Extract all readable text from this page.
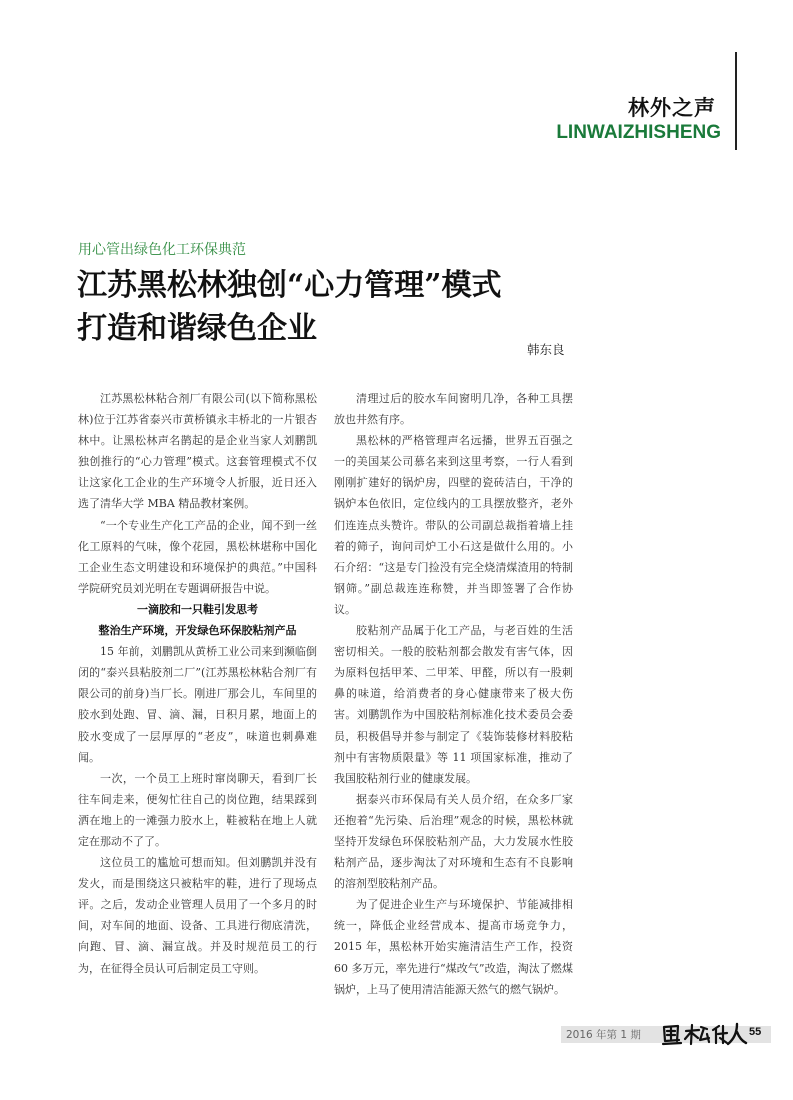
林外之声
LINWAIZHISHENG
用心管出绿色化工环保典范
江苏黑松林独创“心力管理”模式
打造和谐绿色企业
韩东良

江苏黑松林粘合剂厂有限公司(以下简称黑松林)位于江苏省泰兴市黄桥镇永丰桥北的一片银杏林中。让黑松林声名鹊起的是企业当家人刘鹏凯独创推行的“心力管理”模式。这套管理模式不仅让这家化工企业的生产环境令人折服，近日还入选了清华大学 MBA 精品教材案例。

“一个专业生产化工产品的企业，闻不到一丝化工原料的气味，像个花园，黑松林堪称中国化工企业生态文明建设和环境保护的典范。”中国科学院研究员刘光明在专题调研报告中说。

一滴胶和一只鞋引发思考
整治生产环境，开发绿色环保胶粘剂产品

15 年前，刘鹏凯从黄桥工业公司来到濒临倒闭的“泰兴县粘胶剂二厂”(江苏黑松林粘合剂厂有限公司的前身)当厂长。刚进厂那会儿，车间里的胶水到处跑、冒、滴、漏，日积月累，地面上的胶水变成了一层厚厚的“老皮”，味道也刺鼻难闻。

一次，一个员工上班时窜岗聊天，看到厂长往车间走来，便匆忙往自己的岗位跑，结果踩到洒在地上的一滩强力胶水上，鞋被粘在地上人就定在那动不了了。

这位员工的尴尬可想而知。但刘鹏凯并没有发火，而是围绕这只被粘牢的鞋，进行了现场点评。之后，发动企业管理人员用了一个多月的时间，对车间的地面、设备、工具进行彻底清洗，向跑、冒、滴、漏宣战。并及时规范员工的行为，在征得全员认可后制定员工守则。

清理过后的胶水车间窗明几净，各种工具摆放也井然有序。

黑松林的严格管理声名远播，世界五百强之一的美国某公司慕名来到这里考察，一行人看到刚刚扩建好的锅炉房，四壁的瓷砖洁白，干净的锅炉本色依旧，定位线内的工具摆放整齐，老外们连连点头赞许。带队的公司副总裁指着墙上挂着的筛子，询问司炉工小石这是做什么用的。小石介绍：“这是专门捡没有完全烧清煤渣用的特制钢筛。”副总裁连连称赞，并当即签署了合作协议。

胶粘剂产品属于化工产品，与老百姓的生活密切相关。一般的胶粘剂都会散发有害气体，因为原料包括甲苯、二甲苯、甲醛，所以有一股刺鼻的味道，给消费者的身心健康带来了极大伤害。刘鹏凯作为中国胶粘剂标准化技术委员会委员，积极倡导并参与制定了《装饰装修材料胶粘剂中有害物质限量》等 11 项国家标准，推动了我国胶粘剂行业的健康发展。

据泰兴市环保局有关人员介绍，在众多厂家还抱着“先污染、后治理”观念的时候，黑松林就坚持开发绿色环保胶粘剂产品，大力发展水性胶粘剂产品，逐步淘汰了对环境和生态有不良影响的溶剂型胶粘剂产品。

为了促进企业生产与环境保护、节能减排相统一，降低企业经营成本、提高市场竞争力，2015 年，黑松林开始实施清洁生产工作，投资 60 多万元，率先进行“煤改气”改造，淘汰了燃煤锅炉，上马了使用清洁能源天然气的燃气锅炉。

2016 年第 1 期	55
